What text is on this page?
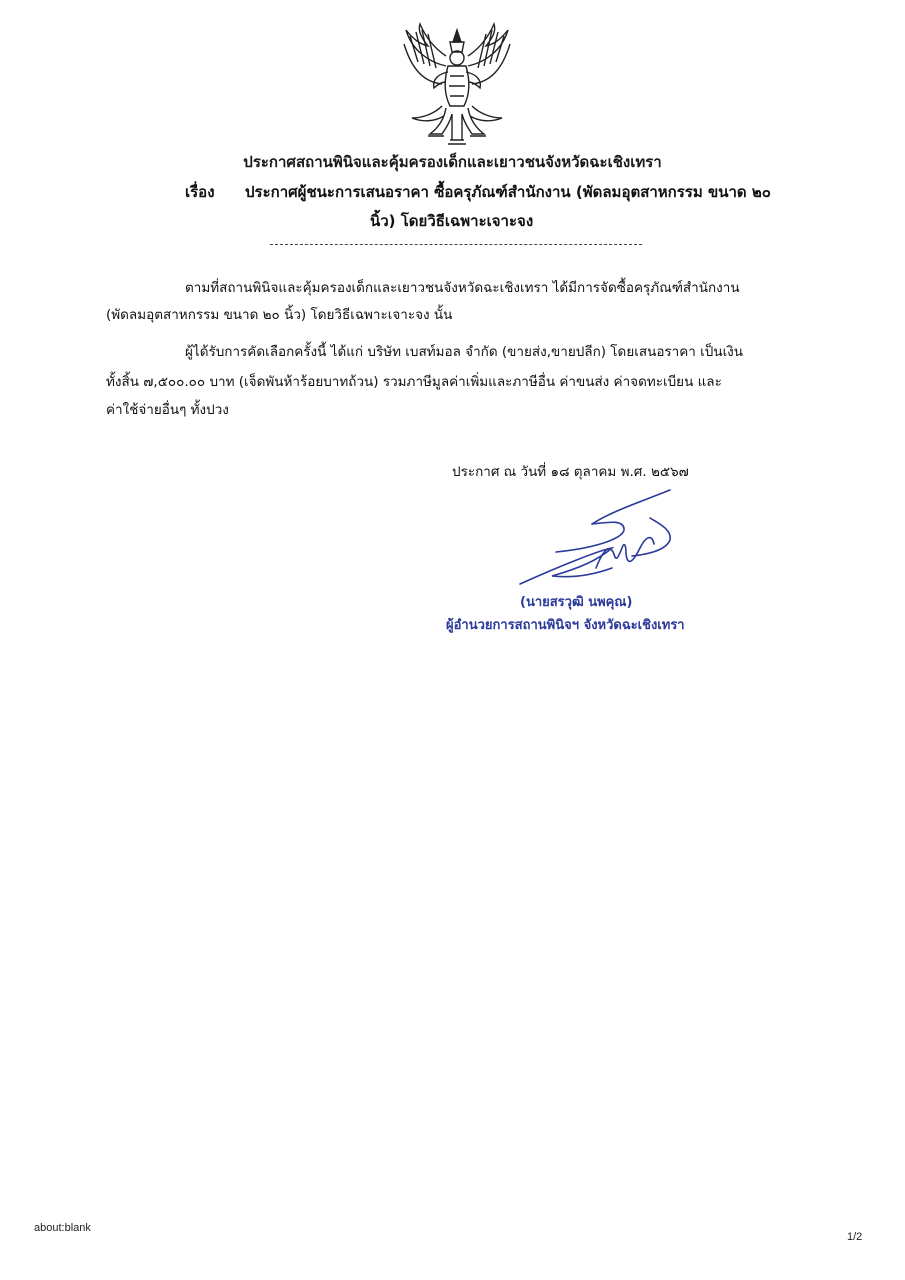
ประกาศสถานพินิจและคุ้มครองเด็กและเยาวชนจังหวัดฉะเชิงเทรา
เรื่อง ประกาศผู้ชนะการเสนอราคา ซื้อครุภัณฑ์สำนักงาน (พัดลมอุตสาหกรรม ขนาด ๒๐
นิ้ว) โดยวิธีเฉพาะเจาะจง
ตามที่สถานพินิจและคุ้มครองเด็กและเยาวชนจังหวัดฉะเชิงเทรา ได้มีการจัดซื้อครุภัณฑ์สำนักงาน
(พัดลมอุตสาหกรรม ขนาด ๒๐ นิ้ว) โดยวิธีเฉพาะเจาะจง นั้น
ผู้ได้รับการคัดเลือกครั้งนี้ ได้แก่ บริษัท เบสท์มอล จำกัด (ขายส่ง,ขายปลีก) โดยเสนอราคา เป็นเงิน
ทั้งสิ้น ๗,๕๐๐.๐๐ บาท (เจ็ดพันห้าร้อยบาทถ้วน) รวมภาษีมูลค่าเพิ่มและภาษีอื่น ค่าขนส่ง ค่าจดทะเบียน และ
ค่าใช้จ่ายอื่นๆ ทั้งปวง
ประกาศ ณ วันที่ ๑๘ ตุลาคม พ.ศ. ๒๕๖๗
(นายสรวุฒิ นพคุณ)
ผู้อำนวยการสถานพินิจฯ จังหวัดฉะเชิงเทรา
about:blank
1/2
